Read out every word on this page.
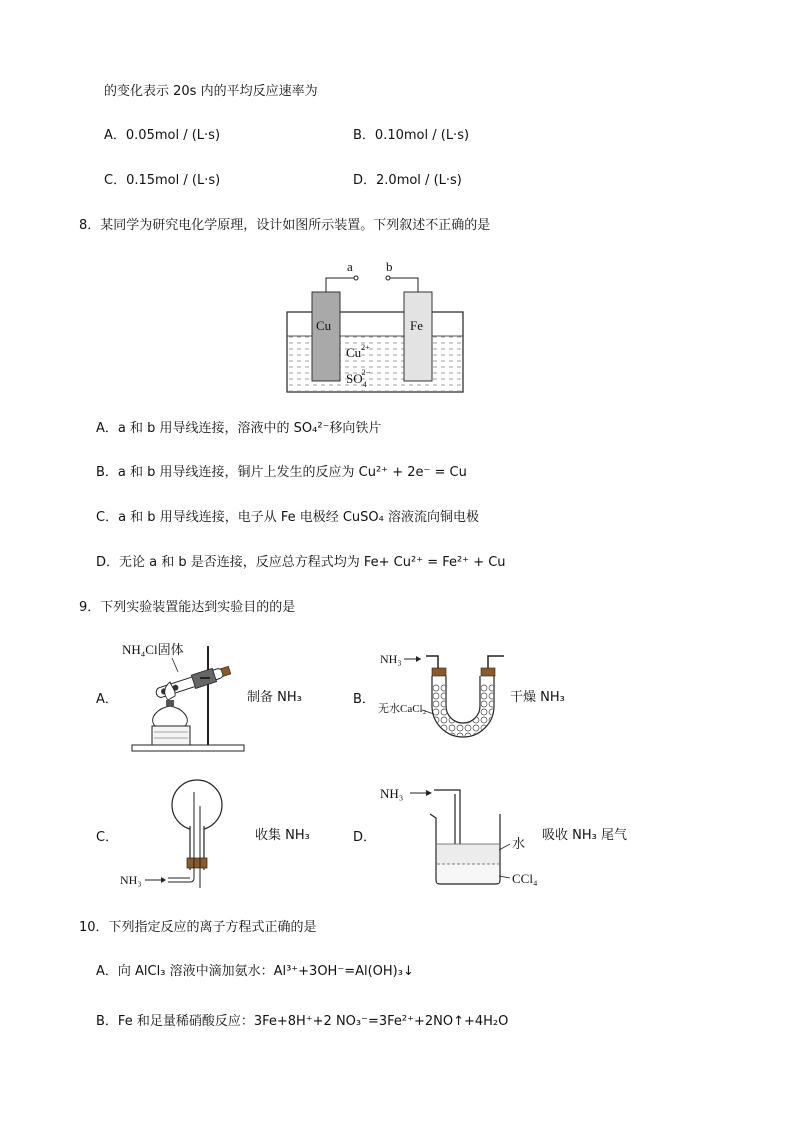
的变化表示 20s 内的平均反应速率为
A．0.05mol / (L·s)	B．0.10mol / (L·s)
C．0.15mol / (L·s)	D．2.0mol / (L·s)
8．某同学为研究电化学原理，设计如图所示装置。下列叙述不正确的是
a	b
Cu	Fe
$Cu^{2+}$
$SO_42-$
A．a 和 b 用导线连接，溶液中的 SO₄²⁻移向铁片
B．a 和 b 用导线连接，铜片上发生的反应为 Cu²⁺ + 2e⁻ = Cu
C．a 和 b 用导线连接，电子从 Fe 电极经 CuSO₄ 溶液流向铜电极
D．无论 a 和 b 是否连接，反应总方程式均为 Fe+ Cu²⁺ = Fe²⁺ + Cu
9．下列实验装置能达到实验目的的是
A．
NH₄Cl固体
制备 NH₃	B．
NH₃
无水CaCl₂
干燥 NH₃
C．
NH₃
收集 NH₃	D．
NH₃
水
CCl₄
吸收 NH₃ 尾气
10．下列指定反应的离子方程式正确的是
A．向 AlCl₃ 溶液中滴加氨水：Al³⁺+3OH⁻=Al(OH)₃↓
B．Fe 和足量稀硝酸反应：3Fe+8H⁺+2 NO₃⁻=3Fe²⁺+2NO↑+4H₂O
